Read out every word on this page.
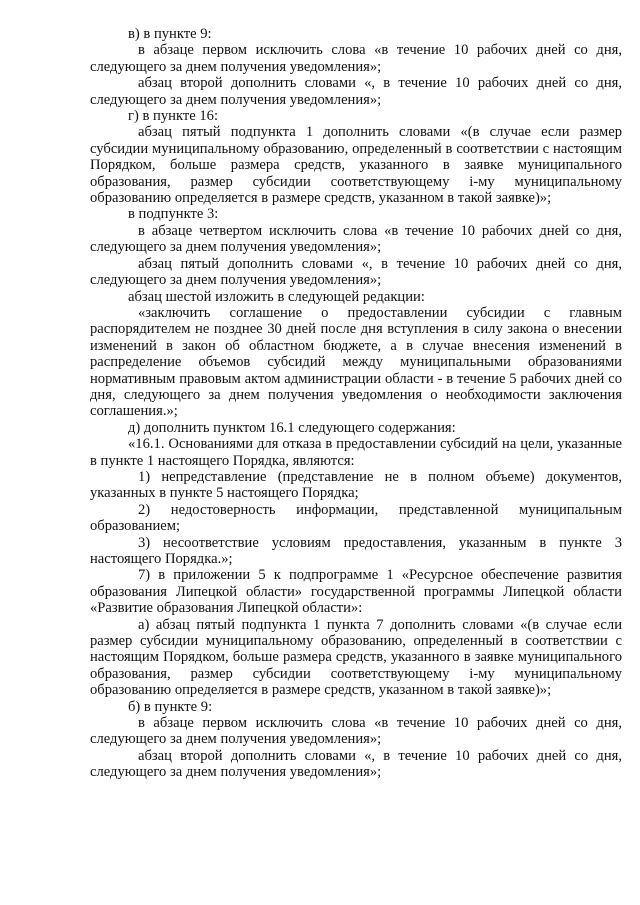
в) в пункте 9:

в абзаце первом исключить слова «в течение 10 рабочих дней со дня, следующего за днем получения уведомления»;

абзац второй дополнить словами «, в течение 10 рабочих дней со дня, следующего за днем получения уведомления»;

г) в пункте 16:

абзац пятый подпункта 1 дополнить словами «(в случае если размер субсидии муниципальному образованию, определенный в соответствии с настоящим Порядком, больше размера средств, указанного в заявке муниципального образования, размер субсидии соответствующему i-му муниципальному образованию определяется в размере средств, указанном в такой заявке)»;

в подпункте 3:

в абзаце четвертом исключить слова «в течение 10 рабочих дней со дня, следующего за днем получения уведомления»;

абзац пятый дополнить словами «, в течение 10 рабочих дней со дня, следующего за днем получения уведомления»;

абзац шестой изложить в следующей редакции:

«заключить соглашение о предоставлении субсидии с главным распорядителем не позднее 30 дней после дня вступления в силу закона о внесении изменений в закон об областном бюджете, а в случае внесения изменений в распределение объемов субсидий между муниципальными образованиями нормативным правовым актом администрации области - в течение 5 рабочих дней со дня, следующего за днем получения уведомления о необходимости заключения соглашения.»;

д) дополнить пунктом 16.1 следующего содержания:

«16.1. Основаниями для отказа в предоставлении субсидий на цели, указанные в пункте 1 настоящего Порядка, являются:

1) непредставление (представление не в полном объеме) документов, указанных в пункте 5 настоящего Порядка;

2) недостоверность информации, представленной муниципальным образованием;

3) несоответствие условиям предоставления, указанным в пункте 3 настоящего Порядка.»;

7) в приложении 5 к подпрограмме 1 «Ресурсное обеспечение развития образования Липецкой области» государственной программы Липецкой области «Развитие образования Липецкой области»:

а) абзац пятый подпункта 1 пункта 7 дополнить словами «(в случае если размер субсидии муниципальному образованию, определенный в соответствии с настоящим Порядком, больше размера средств, указанного в заявке муниципального образования, размер субсидии соответствующему i-му муниципальному образованию определяется в размере средств, указанном в такой заявке)»;

б) в пункте 9:

в абзаце первом исключить слова «в течение 10 рабочих дней со дня, следующего за днем получения уведомления»;

абзац второй дополнить словами «, в течение 10 рабочих дней со дня, следующего за днем получения уведомления»;
